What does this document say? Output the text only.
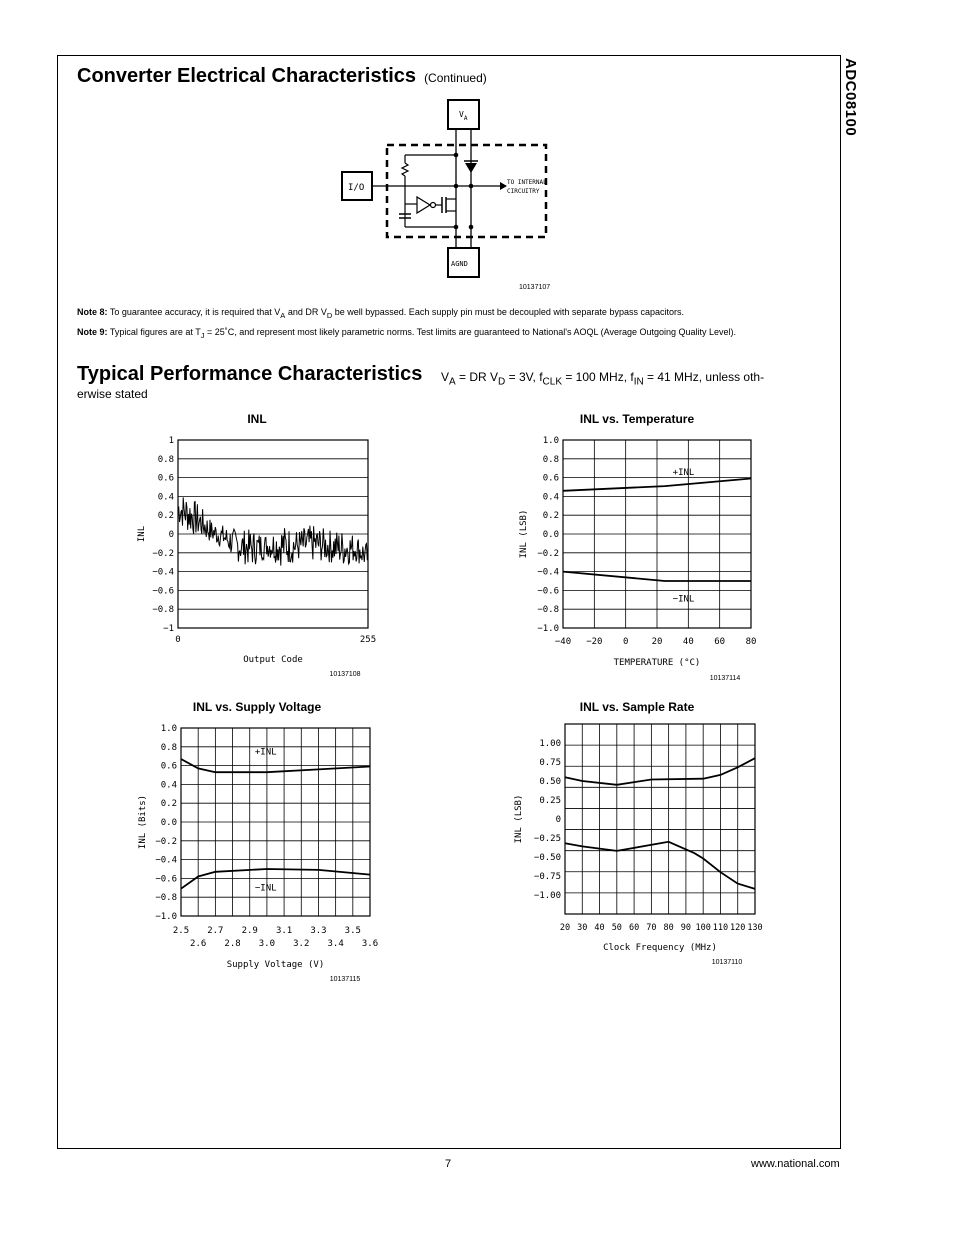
ADC08100
Converter Electrical Characteristics (Continued)
$V_A$
I/O
AGND
TO INTERNAL
CIRCUITRY
10137107

Note 8: To guarantee accuracy, it is required that $V_A$ and DR $V_D$ be well bypassed. Each supply pin must be decoupled with separate bypass capacitors.

Note 9: Typical figures are at $T_J$ = 25˚C, and represent most likely parametric norms. Test limits are guaranteed to National's AOQL (Average Outgoing Quality Level).

Typical Performance Characteristics $V_A$ = DR $V_D = 3V$, $f_{CLK} = 100$ MHz, $f_{IN} = 41$ MHz, unless oth-
erwise stated
INL	INL vs. Temperature
INL vs. Supply Voltage	INL vs. Sample Rate
1
0.8
0.6
0.4
0.2
0
−0.2
−0.4
−0.6
−0.8
−1
0	255
Output Code
INL
10137108
1.0
0.8
0.6
0.4
0.2
0.0
−0.2
−0.4
−0.6
−0.8
−1.0
−40 −20 0	20 40 60 80
TEMPERATURE (°C)
INL (LSB)
10137114
+INL
−INL
1.0
0.8
0.6
0.4
0.2
0.0
−0.2
−0.4
−0.6
−0.8
−1.0
2.5 2.7 2.9 3.1 3.3 3.5
2.6 2.8 3.0 3.2 3.4 3.6
Supply Voltage (V)
INL (Bits)
10137115
+INL
−INL
1.00
0.75
0.50
0.25
0
−0.25
−0.50
−0.75
−1.00
20 30 40 50 60 70 80 90 100 110 120 130
Clock Frequency (MHz)
INL (LSB)
10137110
7	www.national.com
